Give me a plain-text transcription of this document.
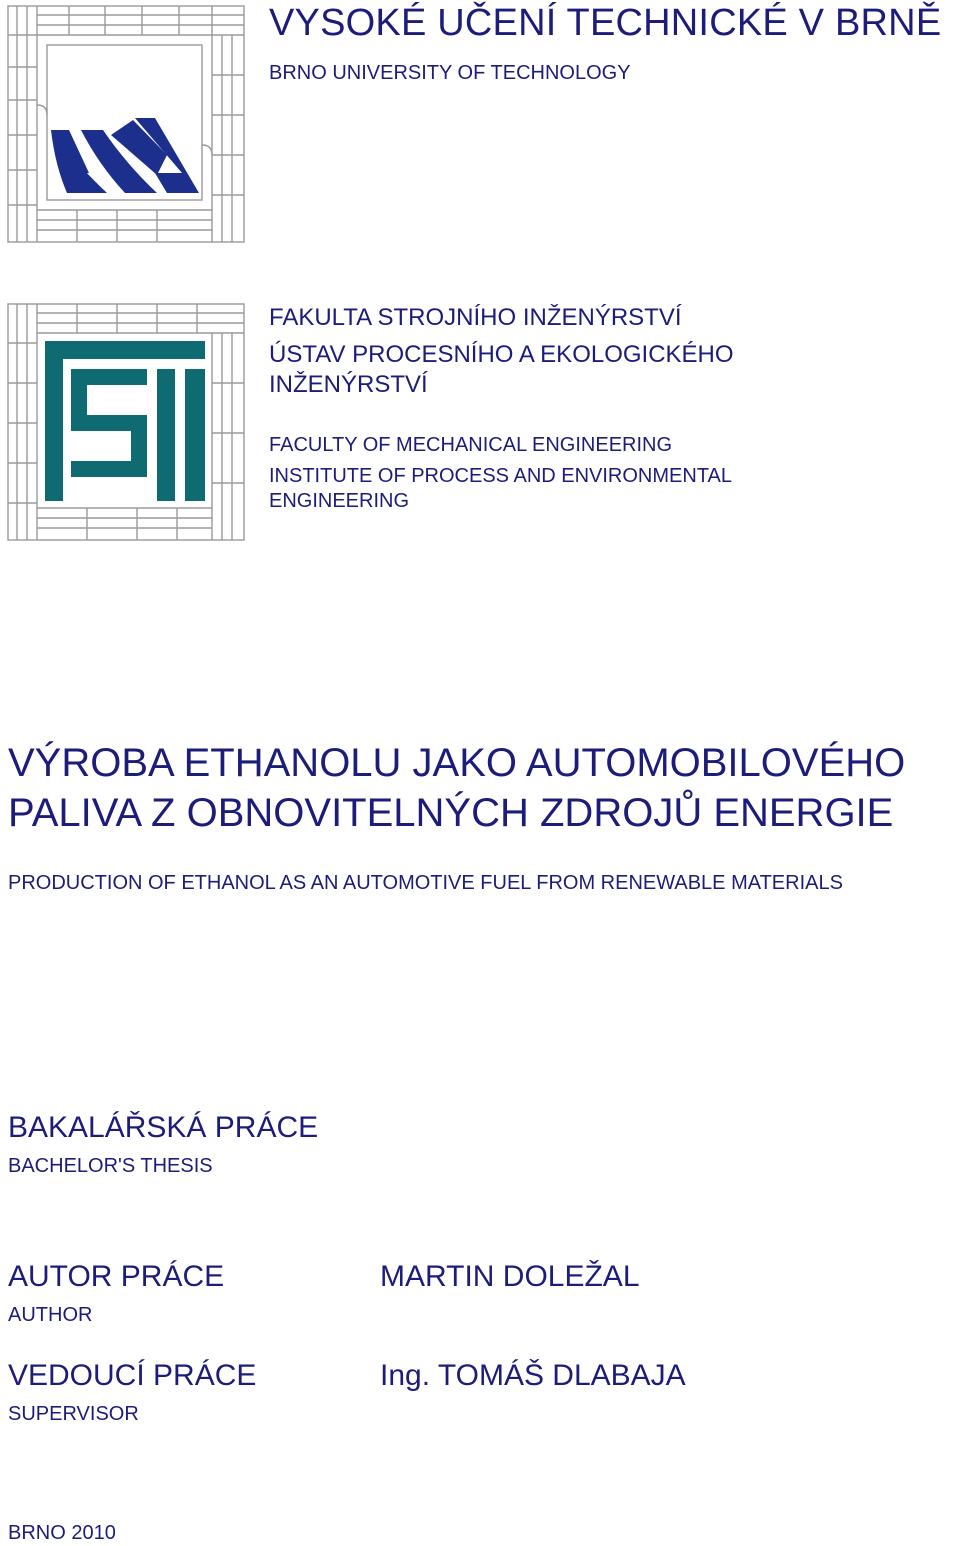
VYSOKÉ UČENÍ TECHNICKÉ V BRNĚ
BRNO UNIVERSITY OF TECHNOLOGY
FAKULTA STROJNÍHO INŽENÝRSTVÍ
ÚSTAV PROCESNÍHO A EKOLOGICKÉHO
INŽENÝRSTVÍ
FACULTY OF MECHANICAL ENGINEERING
INSTITUTE OF PROCESS AND ENVIRONMENTAL
ENGINEERING
VÝROBA ETHANOLU JAKO AUTOMOBILOVÉHO
PALIVA Z OBNOVITELNÝCH ZDROJŮ ENERGIE
PRODUCTION OF ETHANOL AS AN AUTOMOTIVE FUEL FROM RENEWABLE MATERIALS
BAKALÁŘSKÁ PRÁCE
BACHELOR'S THESIS
AUTOR PRÁCE
AUTHOR
MARTIN DOLEŽAL
VEDOUCÍ PRÁCE
SUPERVISOR
Ing. TOMÁŠ DLABAJA
BRNO 2010
